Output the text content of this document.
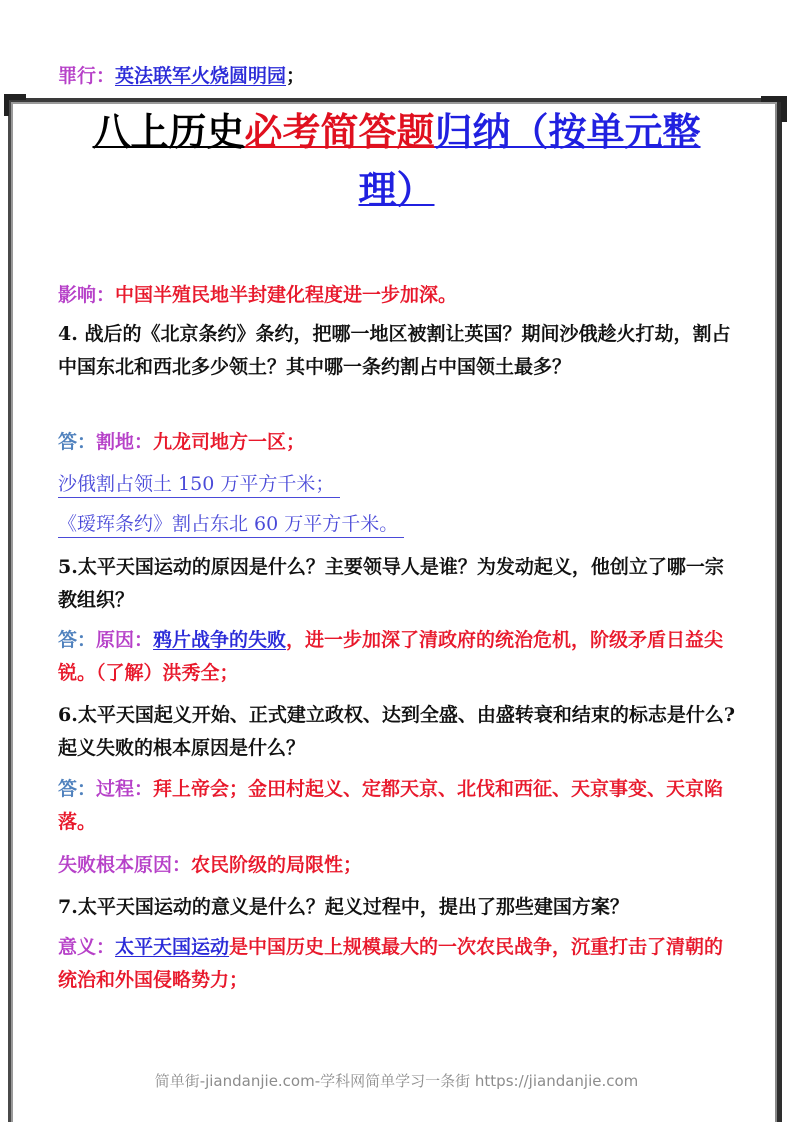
罪行：英法联军火烧圆明园；
八上历史必考简答题归纳（按单元整
理）
影响：中国半殖民地半封建化程度进一步加深。
4. 战后的《北京条约》条约，把哪一地区被割让英国？期间沙俄趁火打劫，割占中国东北和西北多少领土？其中哪一条约割占中国领土最多？
答：割地：九龙司地方一区；
沙俄割占领土 150 万平方千米；
《瑷珲条约》割占东北 60 万平方千米。
5.太平天国运动的原因是什么？主要领导人是谁？为发动起义，他创立了哪一宗教组织？
答：原因：鸦片战争的失败，进一步加深了清政府的统治危机，阶级矛盾日益尖锐。（了解）洪秀全；
6.太平天国起义开始、正式建立政权、达到全盛、由盛转衰和结束的标志是什么?起义失败的根本原因是什么？
答：过程：拜上帝会；金田村起义、定都天京、北伐和西征、天京事变、天京陷落。
失败根本原因：农民阶级的局限性；
7.太平天国运动的意义是什么？起义过程中，提出了那些建国方案？
意义：太平天国运动是中国历史上规模最大的一次农民战争，沉重打击了清朝的统治和外国侵略势力；
简单街-jiandanjie.com-学科网简单学习一条街 https://jiandanjie.com
